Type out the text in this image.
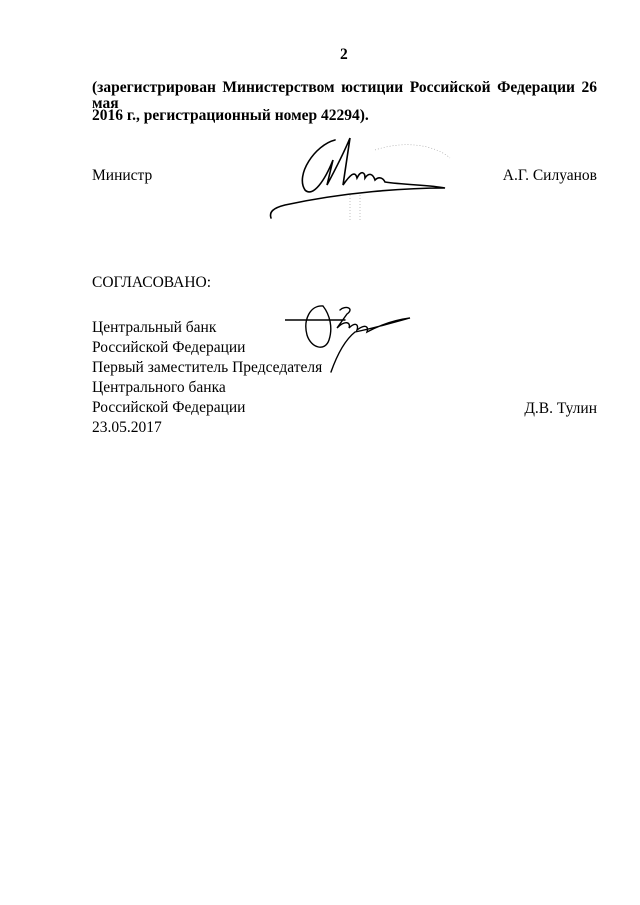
2
(зарегистрирован Министерством юстиции Российской Федерации 26 мая
2016 г., регистрационный номер 42294).
Министр	А.Г. Силуанов
СОГЛАСОВАНО:
Центральный банк
Российской Федерации
Первый заместитель Председателя
Центрального банка
Российской Федерации
23.05.2017
Д.В. Тулин
